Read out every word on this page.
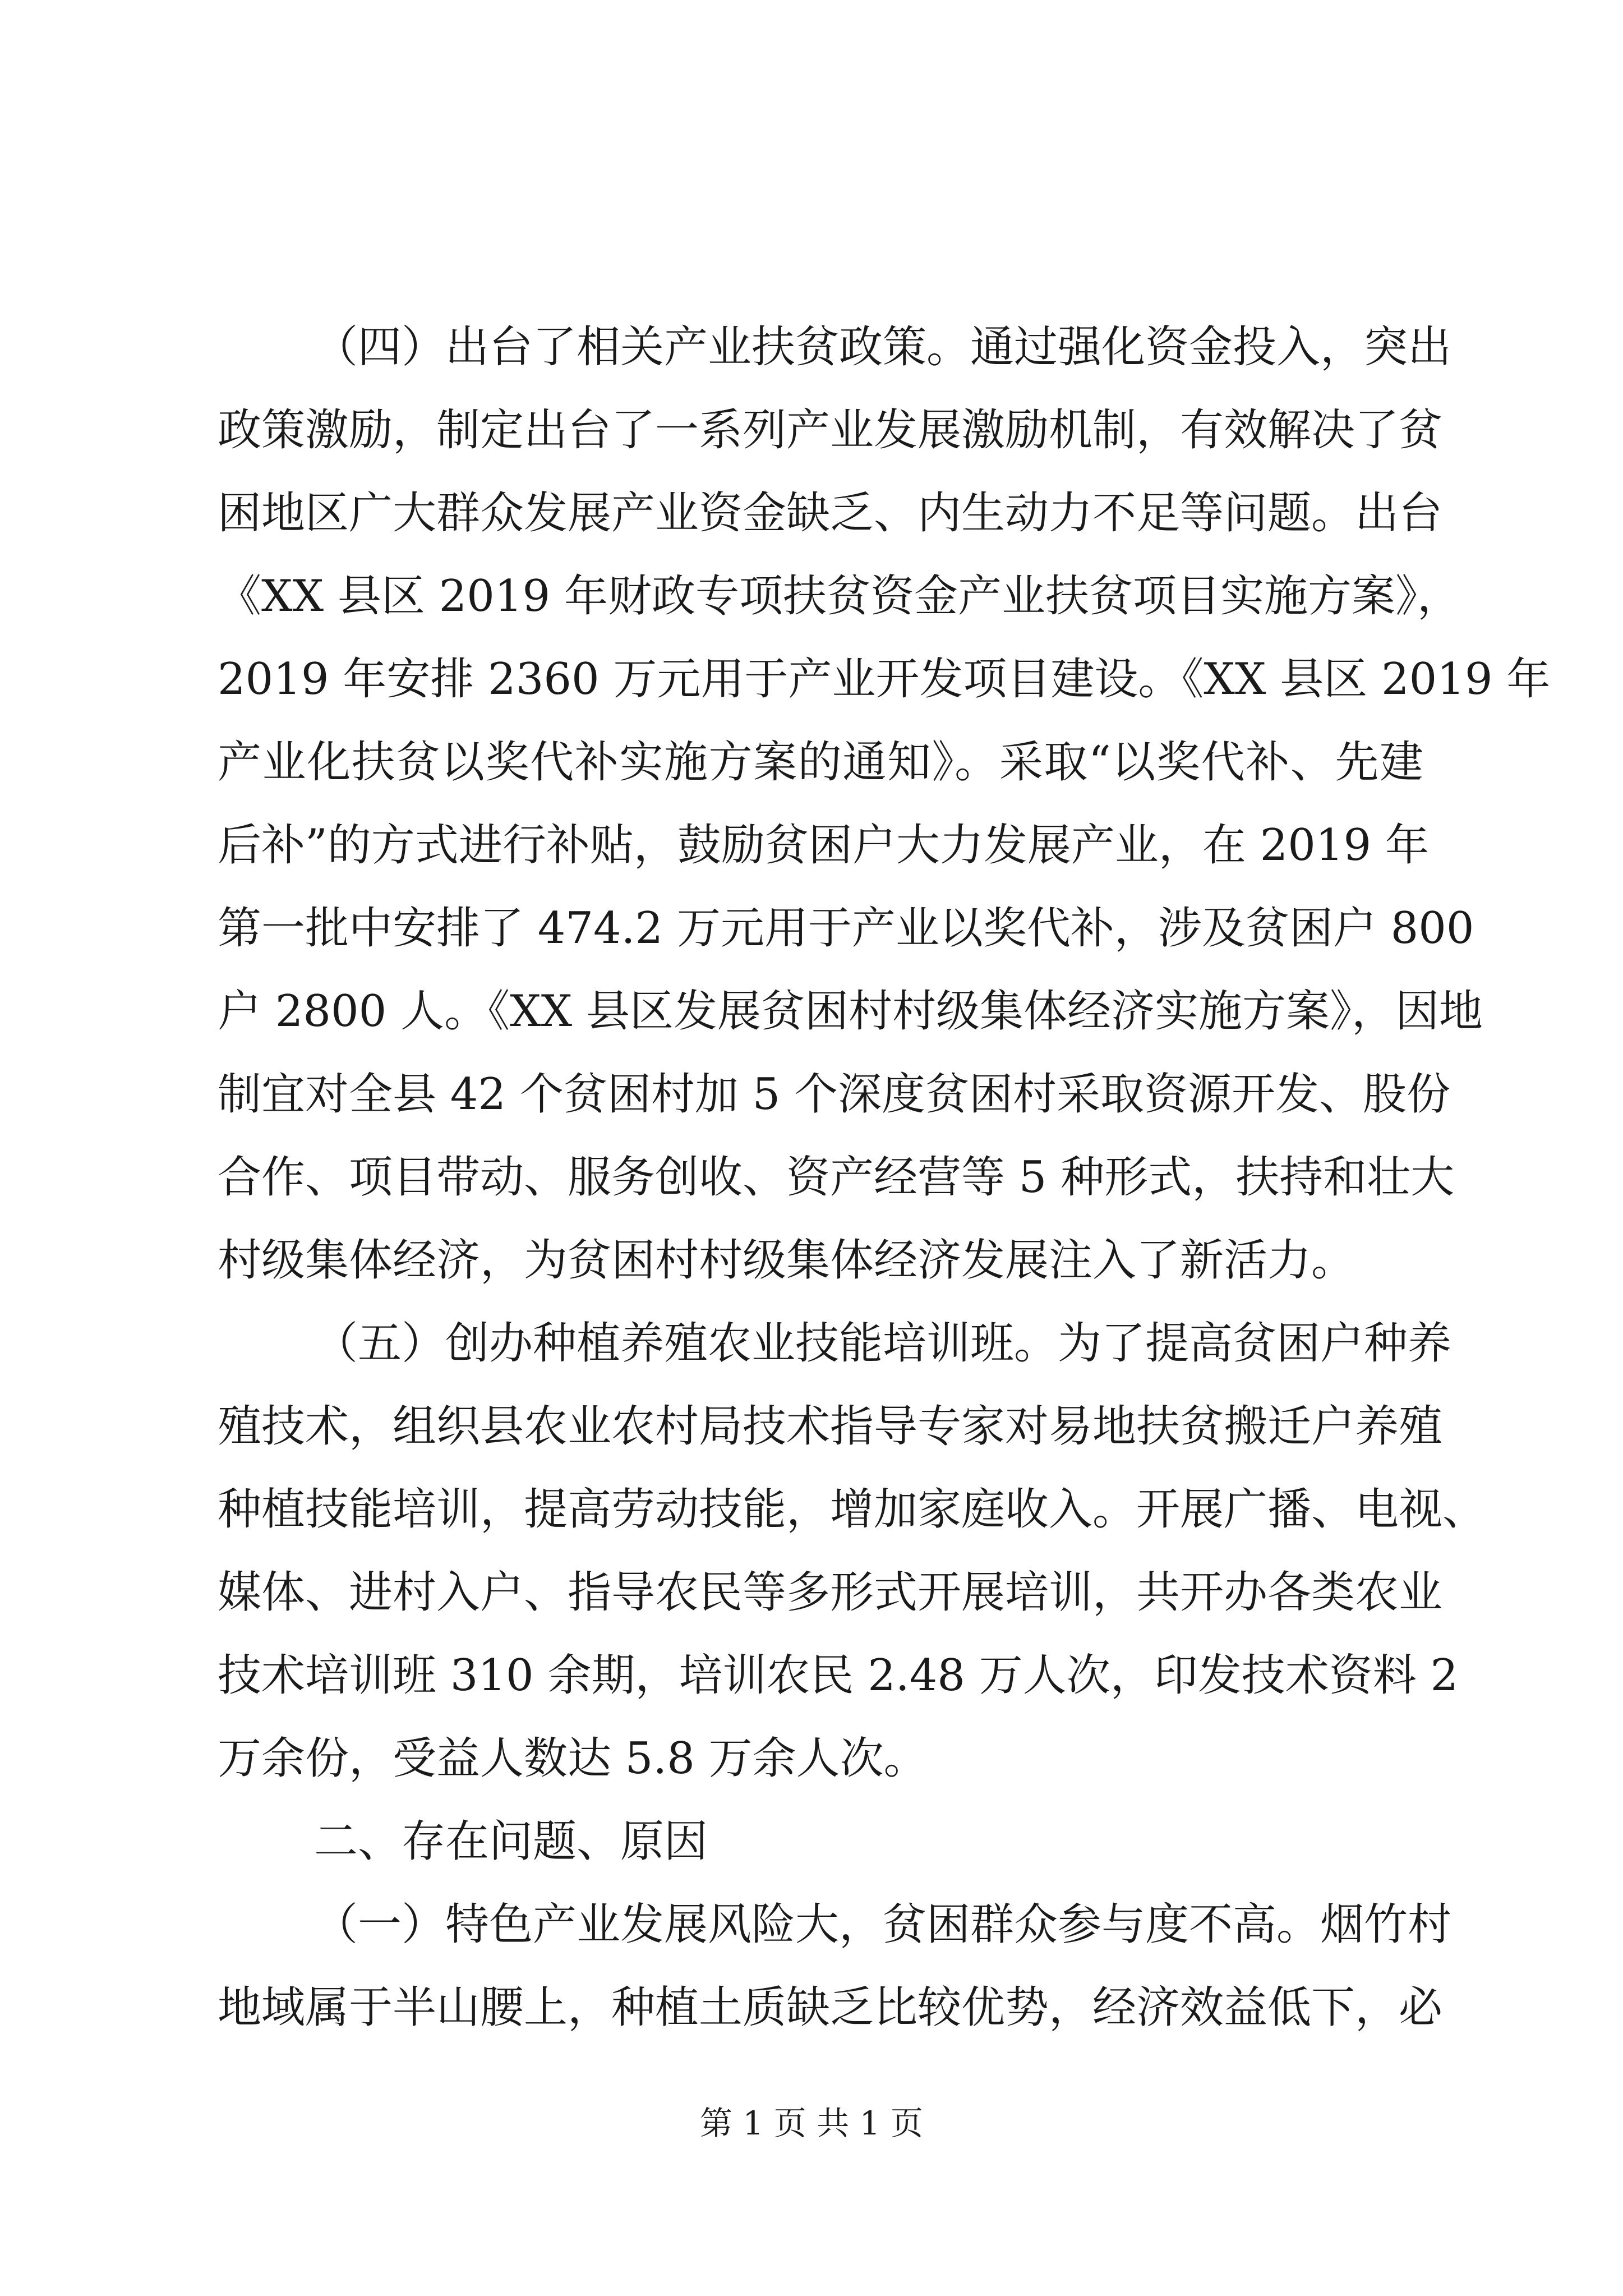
（四）出台了相关产业扶贫政策。通过强化资金投入，突出
政策激励，制定出台了一系列产业发展激励机制，有效解决了贫
困地区广大群众发展产业资金缺乏、内生动力不足等问题。出台
《XX 县区 2019 年财政专项扶贫资金产业扶贫项目实施方案》，
2019 年安排 2360 万元用于产业开发项目建设。《XX 县区 2019 年
产业化扶贫以奖代补实施方案的通知》。采取“以奖代补、先建
后补”的方式进行补贴，鼓励贫困户大力发展产业，在 2019 年
第一批中安排了 474.2 万元用于产业以奖代补，涉及贫困户 800
户 2800 人。《XX 县区发展贫困村村级集体经济实施方案》，因地
制宜对全县 42 个贫困村加 5 个深度贫困村采取资源开发、股份
合作、项目带动、服务创收、资产经营等 5 种形式，扶持和壮大
村级集体经济，为贫困村村级集体经济发展注入了新活力。
（五）创办种植养殖农业技能培训班。为了提高贫困户种养
殖技术，组织县农业农村局技术指导专家对易地扶贫搬迁户养殖
种植技能培训，提高劳动技能，增加家庭收入。开展广播、电视、
媒体、进村入户、指导农民等多形式开展培训，共开办各类农业
技术培训班 310 余期，培训农民 2.48 万人次，印发技术资料 2
万余份，受益人数达 5.8 万余人次。
二、存在问题、原因
（一）特色产业发展风险大，贫困群众参与度不高。烟竹村
地域属于半山腰上，种植土质缺乏比较优势，经济效益低下，必
第 1 页 共 1 页
